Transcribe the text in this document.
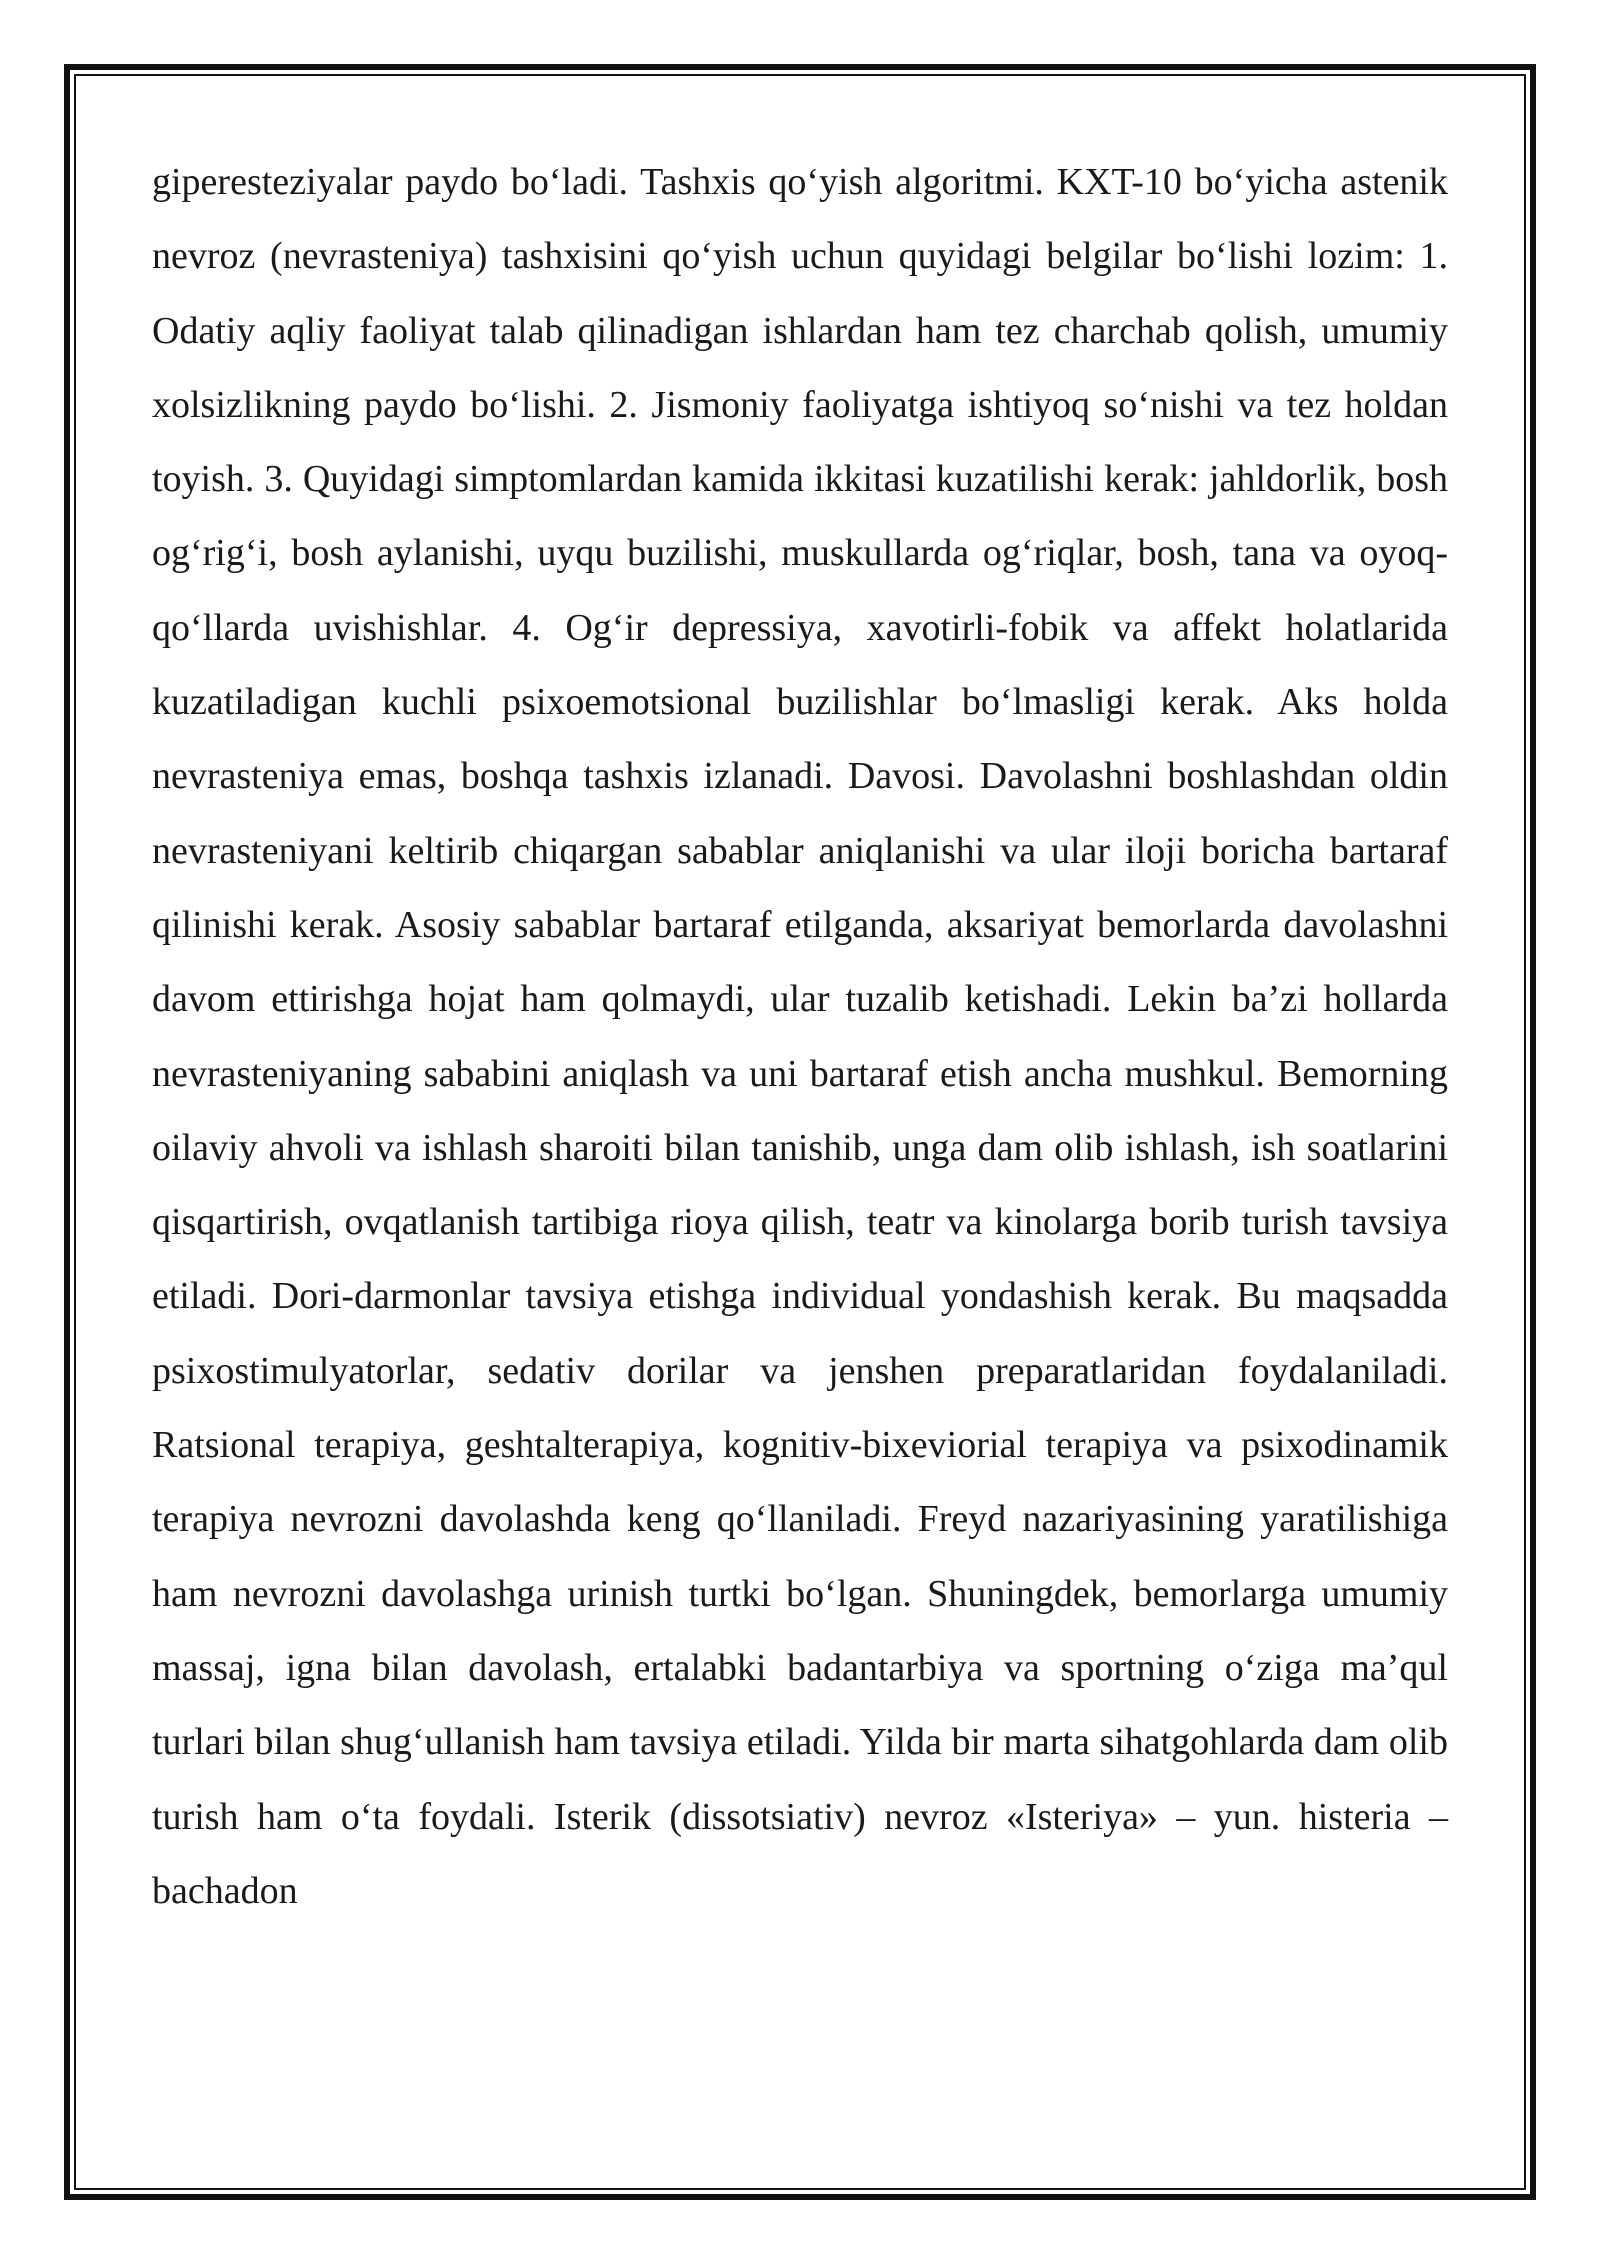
giperesteziyalar paydo bo‘ladi. Tashxis qo‘yish algoritmi. KXT-10 bo‘yicha astenik nevroz (nevrasteniya) tashxisini qo‘yish uchun quyidagi belgilar bo‘lishi lozim: 1. Odatiy aqliy faoliyat talab qilinadigan ishlardan ham tez charchab qolish, umumiy xolsizlikning paydo bo‘lishi. 2. Jismoniy faoliyatga ishtiyoq so‘nishi va tez holdan toyish. 3. Quyidagi simptomlardan kamida ikkitasi kuzatilishi kerak: jahldorlik, bosh og‘rig‘i, bosh aylanishi, uyqu buzilishi, muskullarda og‘riqlar, bosh, tana va oyoq-qo‘llarda uvishishlar. 4. Og‘ir depressiya, xavotirli-fobik va affekt holatlarida kuzatiladigan kuchli psixoemotsional buzilishlar bo‘lmasligi kerak. Aks holda nevrasteniya emas, boshqa tashxis izlanadi. Davosi. Davolashni boshlashdan oldin nevrasteniyani keltirib chiqargan sabablar aniqlanishi va ular iloji boricha bartaraf qilinishi kerak. Asosiy sabablar bartaraf etilganda, aksariyat bemorlarda davolashni davom ettirishga hojat ham qolmaydi, ular tuzalib ketishadi. Lekin ba’zi hollarda nevrasteniyaning sababini aniqlash va uni bartaraf etish ancha mushkul. Bemorning oilaviy ahvoli va ishlash sharoiti bilan tanishib, unga dam olib ishlash, ish soatlarini qisqartirish, ovqatlanish tartibiga rioya qilish, teatr va kinolarga borib turish tavsiya etiladi. Dori-darmonlar tavsiya etishga individual yondashish kerak. Bu maqsadda psixostimulyatorlar, sedativ dorilar va jenshen preparatlaridan foydalaniladi. Ratsional terapiya, geshtalterapiya, kognitiv-bixeviorial terapiya va psixodinamik terapiya nevrozni davolashda keng qo‘llaniladi. Freyd nazariyasining yaratilishiga ham nevrozni davolashga urinish turtki bo‘lgan. Shuningdek, bemorlarga umumiy massaj, igna bilan davolash, ertalabki badantarbiya va sportning o‘ziga ma’qul turlari bilan shug‘ullanish ham tavsiya etiladi. Yilda bir marta sihatgohlarda dam olib turish ham o‘ta foydali. Isterik (dissotsiativ) nevroz «Isteriya» – yun. histeria – bachadon
